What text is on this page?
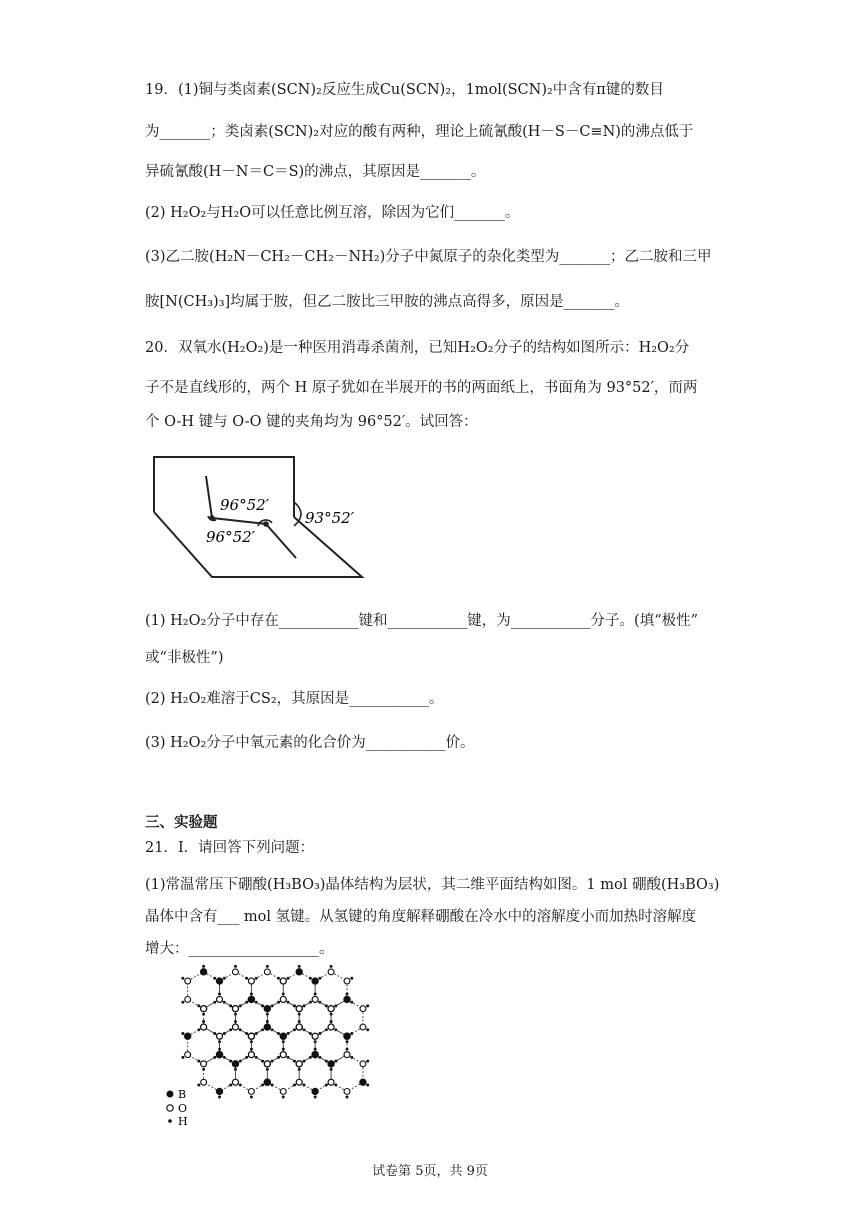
19．(1)铜与类卤素(SCN)₂反应生成Cu(SCN)₂，1mol(SCN)₂中含有π键的数目
为_______；类卤素(SCN)₂对应的酸有两种，理论上硫氰酸(H－S－C≡N)的沸点低于
异硫氰酸(H－N＝C＝S)的沸点，其原因是_______。
(2) H₂O₂与H₂O可以任意比例互溶，除因为它们_______。
(3)乙二胺(H₂N－CH₂－CH₂－NH₂)分子中氮原子的杂化类型为_______；乙二胺和三甲
胺[N(CH₃)₃]均属于胺，但乙二胺比三甲胺的沸点高得多，原因是_______。
20．双氧水(H₂O₂)是一种医用消毒杀菌剂，已知H₂O₂分子的结构如图所示：H₂O₂分
子不是直线形的，两个 H 原子犹如在半展开的书的两面纸上，书面角为 93°52′，而两
个 O-H 键与 O-O 键的夹角均为 96°52′。试回答：
96°52′
96°52′
93°52′
(1) H₂O₂分子中存在___________键和___________键，为___________分子。(填“极性”
或“非极性”)
(2) H₂O₂难溶于CS₂，其原因是___________。
(3) H₂O₂分子中氧元素的化合价为___________价。
三、实验题
21．I．请回答下列问题：
(1)常温常压下硼酸(H₃BO₃)晶体结构为层状，其二维平面结构如图。1 mol 硼酸(H₃BO₃)
晶体中含有___ mol 氢键。从氢键的角度解释硼酸在冷水中的溶解度小而加热时溶解度
增大：__________________。
B
O
H
试卷第 5页，共 9页
